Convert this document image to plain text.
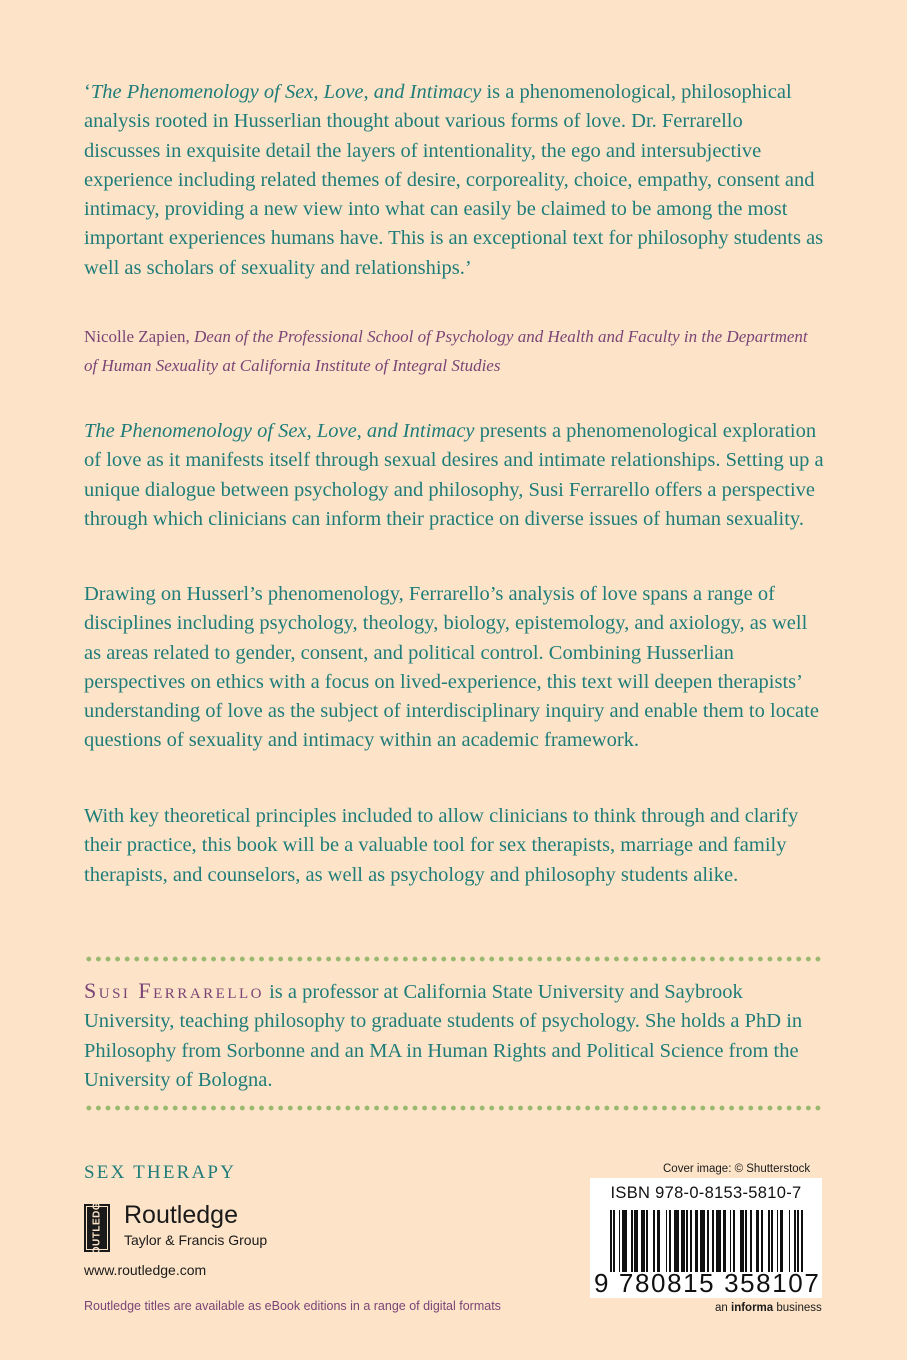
‘The Phenomenology of Sex, Love, and Intimacy is a phenomenological, philosophical analysis rooted in Husserlian thought about various forms of love. Dr. Ferrarello discusses in exquisite detail the layers of intentionality, the ego and intersubjective experience including related themes of desire, corporeality, choice, empathy, consent and intimacy, providing a new view into what can easily be claimed to be among the most important experiences humans have. This is an exceptional text for philosophy students as well as scholars of sexuality and relationships.’

Nicolle Zapien, Dean of the Professional School of Psychology and Health and Faculty in the Department of Human Sexuality at California Institute of Integral Studies

The Phenomenology of Sex, Love, and Intimacy presents a phenomenological exploration of love as it manifests itself through sexual desires and intimate relationships. Setting up a unique dialogue between psychology and philosophy, Susi Ferrarello offers a perspective through which clinicians can inform their practice on diverse issues of human sexuality.

Drawing on Husserl’s phenomenology, Ferrarello’s analysis of love spans a range of disciplines including psychology, theology, biology, epistemology, and axiology, as well as areas related to gender, consent, and political control. Combining Husserlian perspectives on ethics with a focus on lived-experience, this text will deepen therapists’ understanding of love as the subject of interdisciplinary inquiry and enable them to locate questions of sexuality and intimacy within an academic framework.

With key theoretical principles included to allow clinicians to think through and clarify their practice, this book will be a valuable tool for sex therapists, marriage and family therapists, and counselors, as well as psychology and philosophy students alike.

Susi Ferrarello is a professor at California State University and Saybrook University, teaching philosophy to graduate students of psychology. She holds a PhD in Philosophy from Sorbonne and an MA in Human Rights and Political Science from the University of Bologna.

SEX THERAPY
ROUTLEDGE Routledge
Taylor & Francis Group
www.routledge.com
Routledge titles are available as eBook editions in a range of digital formats
Cover image: © Shutterstock
ISBN 978-0-8153-5810-7
9 780815 358107
an informa business
